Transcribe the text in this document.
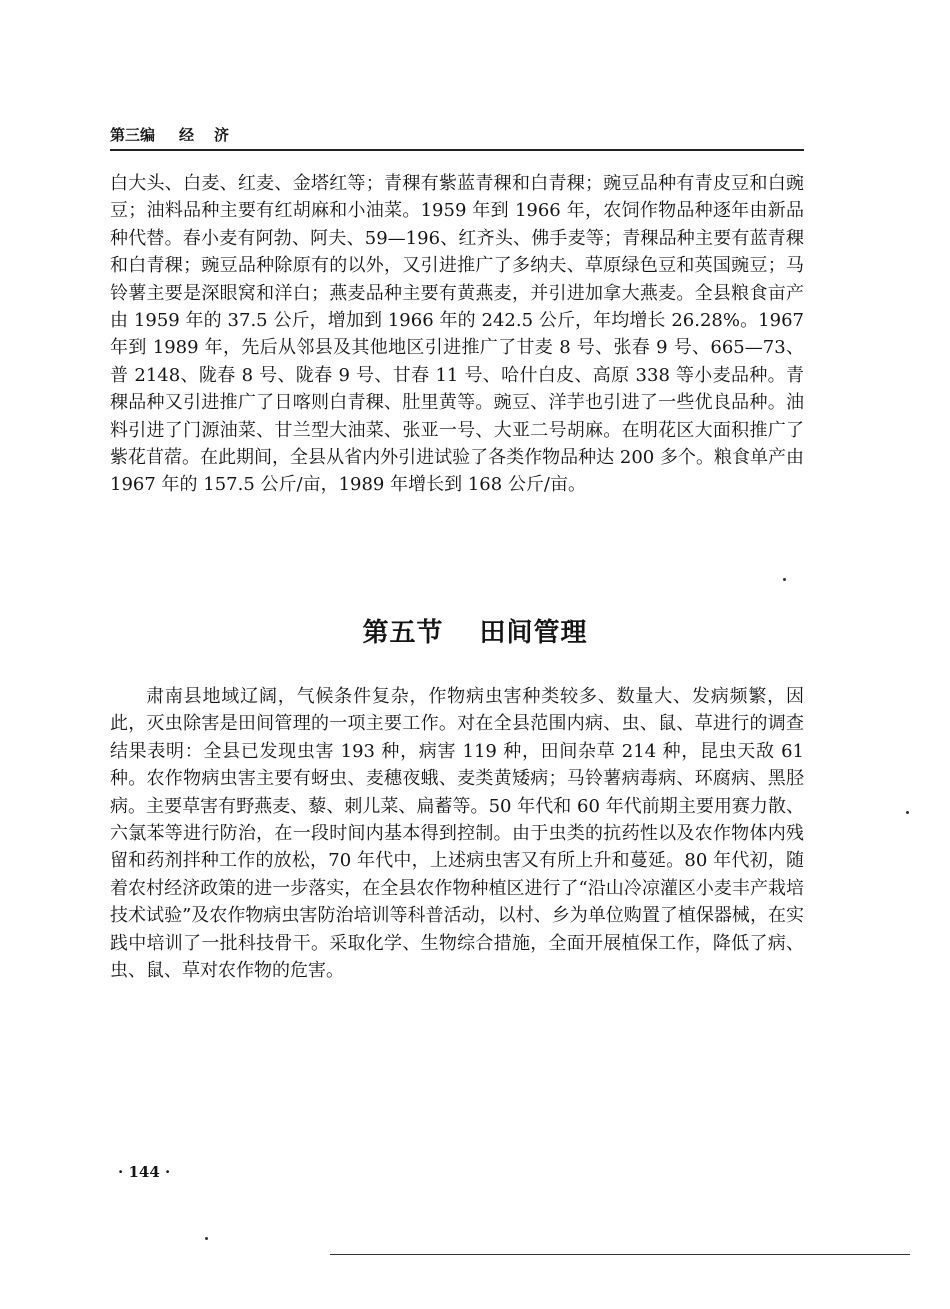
第三编 经济
白大头、白麦、红麦、金塔红等；青稞有紫蓝青稞和白青稞；豌豆品种有青皮豆和白豌豆；油料品种主要有红胡麻和小油菜。1959 年到 1966 年，农饲作物品种逐年由新品种代替。春小麦有阿勃、阿夫、59—196、红齐头、佛手麦等；青稞品种主要有蓝青稞和白青稞；豌豆品种除原有的以外，又引进推广了多纳夫、草原绿色豆和英国豌豆；马铃薯主要是深眼窝和洋白；燕麦品种主要有黄燕麦，并引进加拿大燕麦。全县粮食亩产由 1959 年的 37.5 公斤，增加到 1966 年的 242.5 公斤，年均增长 26.28%。1967 年到 1989 年，先后从邻县及其他地区引进推广了甘麦 8 号、张春 9 号、665—73、普 2148、陇春 8 号、陇春 9 号、甘春 11 号、哈什白皮、高原 338 等小麦品种。青稞品种又引进推广了日喀则白青稞、肚里黄等。豌豆、洋芋也引进了一些优良品种。油料引进了门源油菜、甘兰型大油菜、张亚一号、大亚二号胡麻。在明花区大面积推广了紫花苜蓿。在此期间，全县从省内外引进试验了各类作物品种达 200 多个。粮食单产由 1967 年的 157.5 公斤/亩，1989 年增长到 168 公斤/亩。
第五节 田间管理
肃南县地域辽阔，气候条件复杂，作物病虫害种类较多、数量大、发病频繁，因此，灭虫除害是田间管理的一项主要工作。对在全县范围内病、虫、鼠、草进行的调查结果表明：全县已发现虫害 193 种，病害 119 种，田间杂草 214 种，昆虫天敌 61 种。农作物病虫害主要有蚜虫、麦穗夜蛾、麦类黄矮病；马铃薯病毒病、环腐病、黑胫病。主要草害有野燕麦、藜、刺儿菜、扁蓄等。50 年代和 60 年代前期主要用赛力散、六氯苯等进行防治，在一段时间内基本得到控制。由于虫类的抗药性以及农作物体内残留和药剂拌种工作的放松，70 年代中，上述病虫害又有所上升和蔓延。80 年代初，随着农村经济政策的进一步落实，在全县农作物种植区进行了“沿山冷凉灌区小麦丰产栽培技术试验”及农作物病虫害防治培训等科普活动，以村、乡为单位购置了植保器械，在实践中培训了一批科技骨干。采取化学、生物综合措施，全面开展植保工作，降低了病、虫、鼠、草对农作物的危害。
· 144 ·
